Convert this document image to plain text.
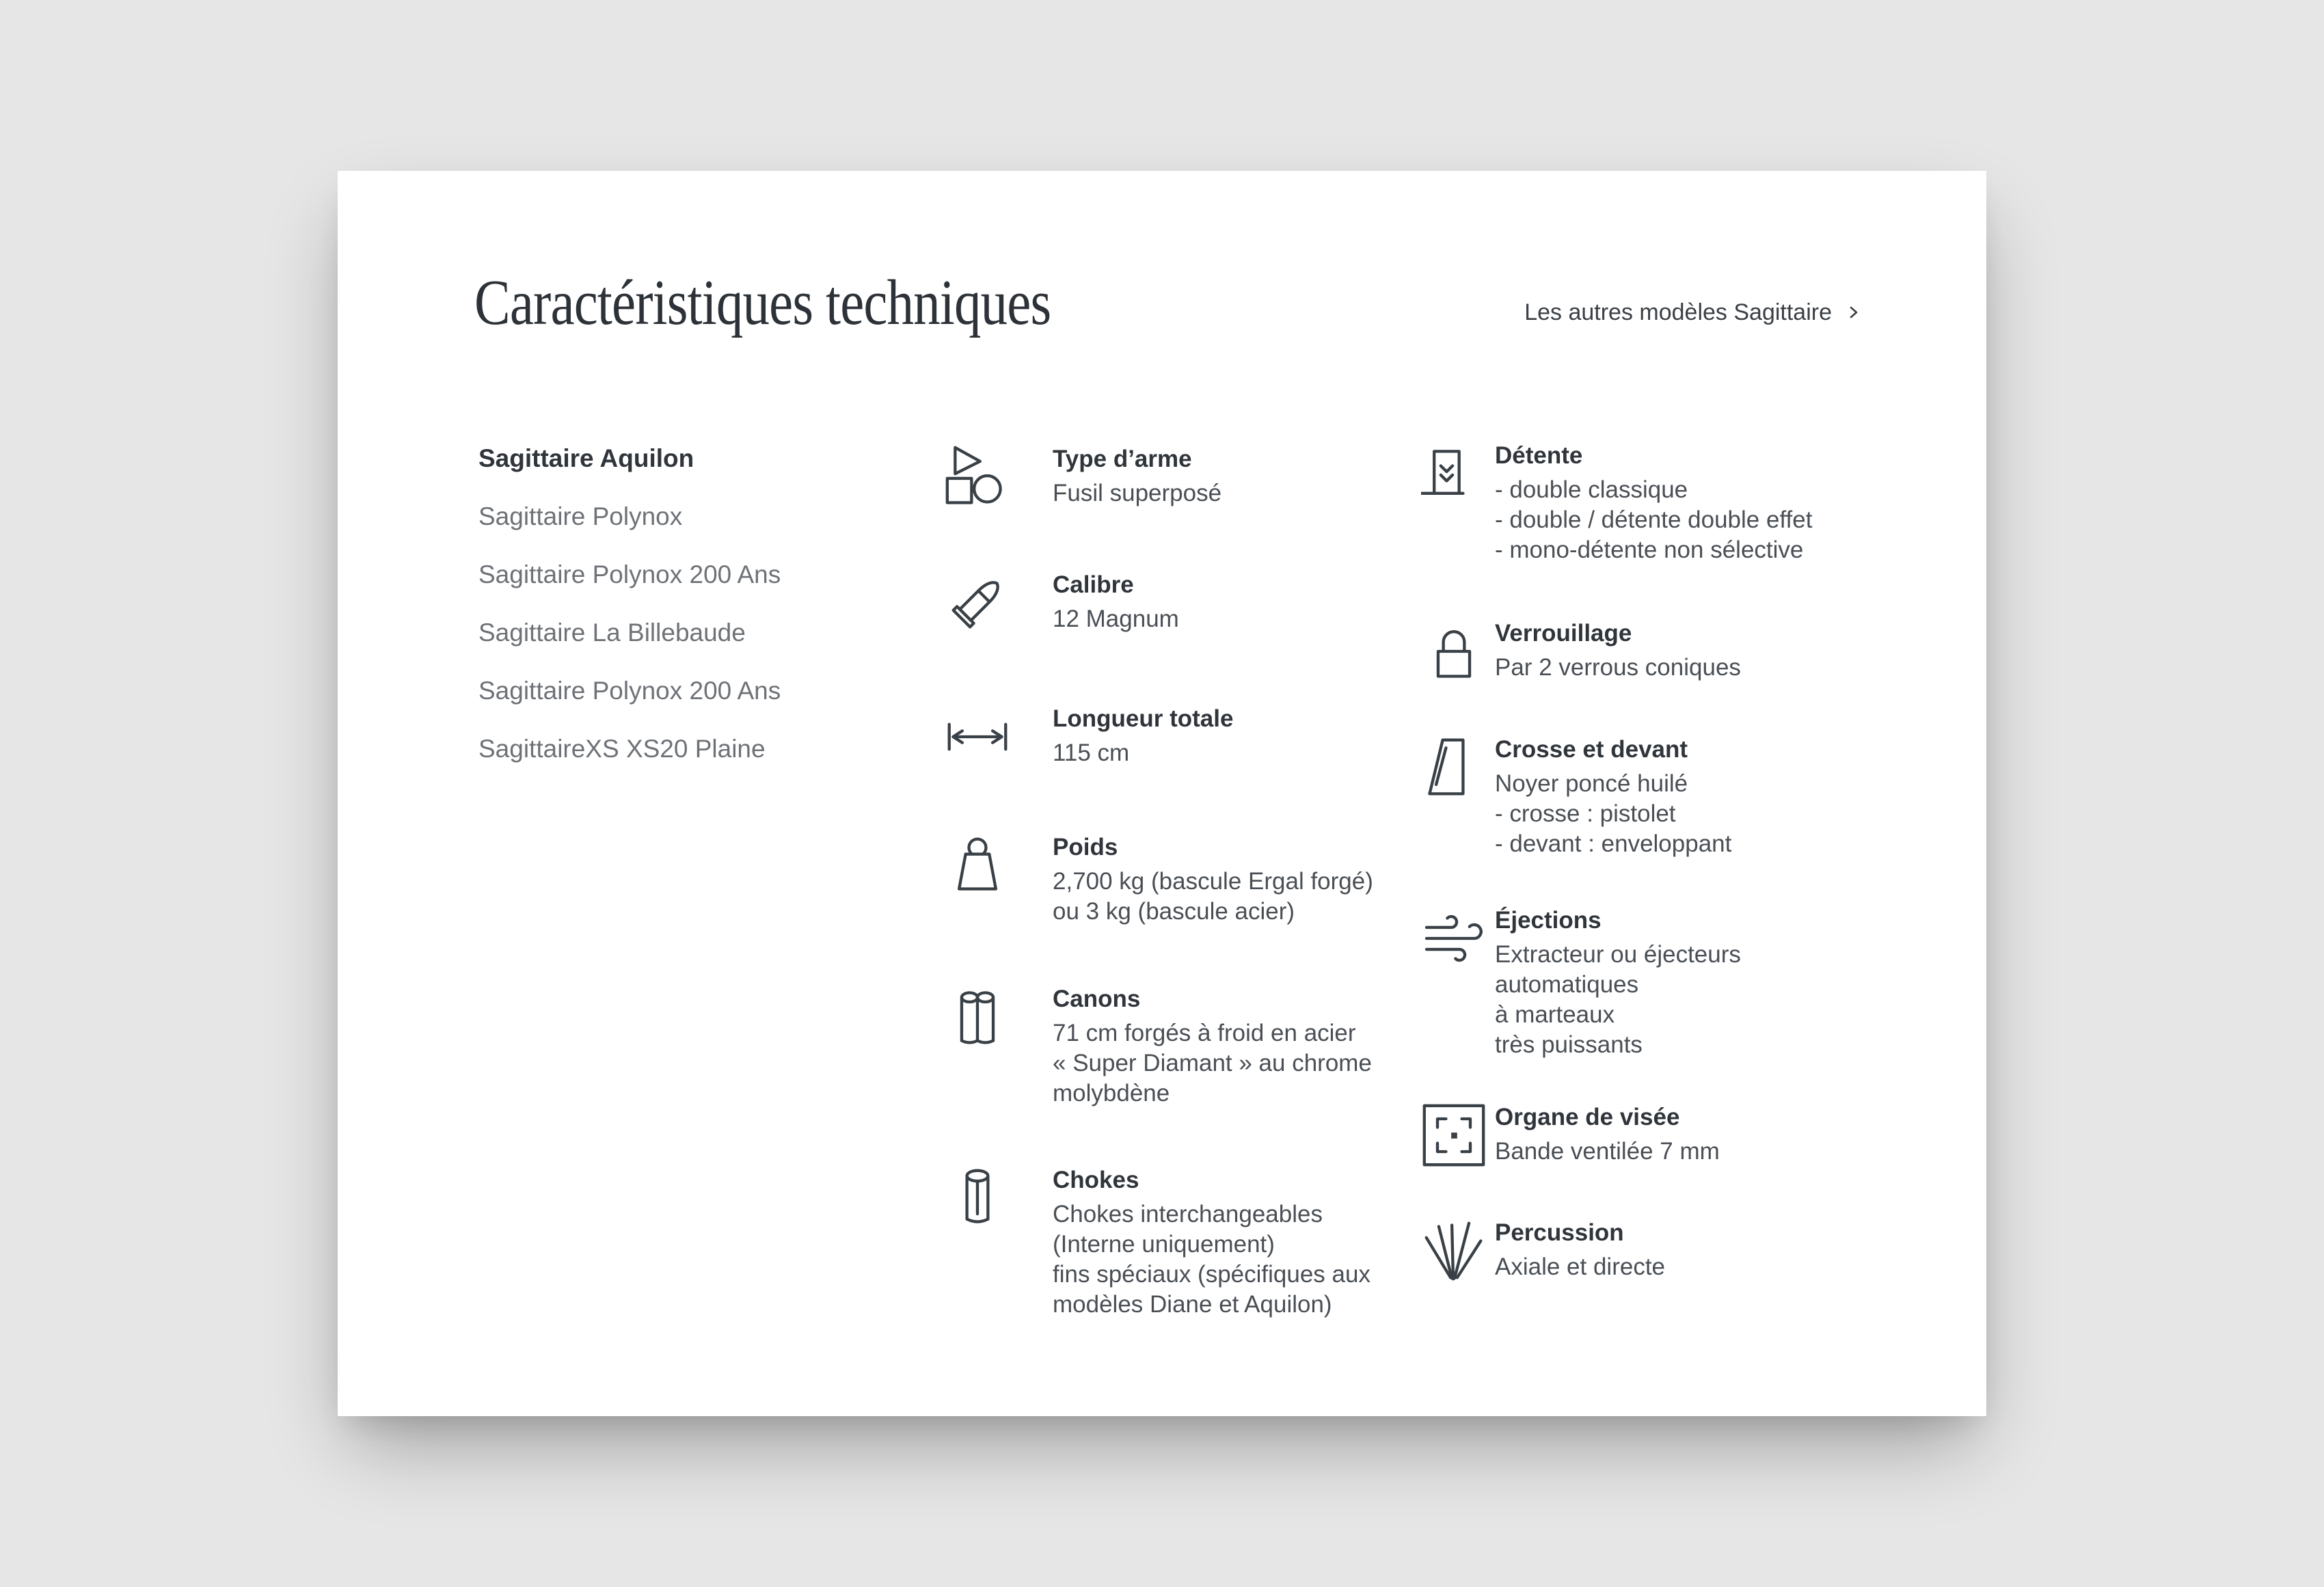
Caractéristiques techniques	Les autres modèles Sagittaire
Sagittaire Aquilon
Sagittaire Polynox
Sagittaire Polynox 200 Ans
Sagittaire La Billebaude
Sagittaire Polynox 200 Ans
SagittaireXS XS20 Plaine
Type d’arme
Fusil superposé
Calibre
12 Magnum
Longueur totale
115 cm
Poids
2,700 kg (bascule Ergal forgé)
ou 3 kg (bascule acier)
Canons
71 cm forgés à froid en acier
« Super Diamant » au chrome
molybdène
Chokes
Chokes interchangeables
(Interne uniquement)
fins spéciaux (spécifiques aux
modèles Diane et Aquilon)
Détente
- double classique
- double / détente double effet
- mono-détente non sélective
Verrouillage
Par 2 verrous coniques
Crosse et devant
Noyer poncé huilé
- crosse : pistolet
- devant : enveloppant
Éjections
Extracteur ou éjecteurs
automatiques
à marteaux
très puissants
Organe de visée
Bande ventilée 7 mm
Percussion
Axiale et directe
